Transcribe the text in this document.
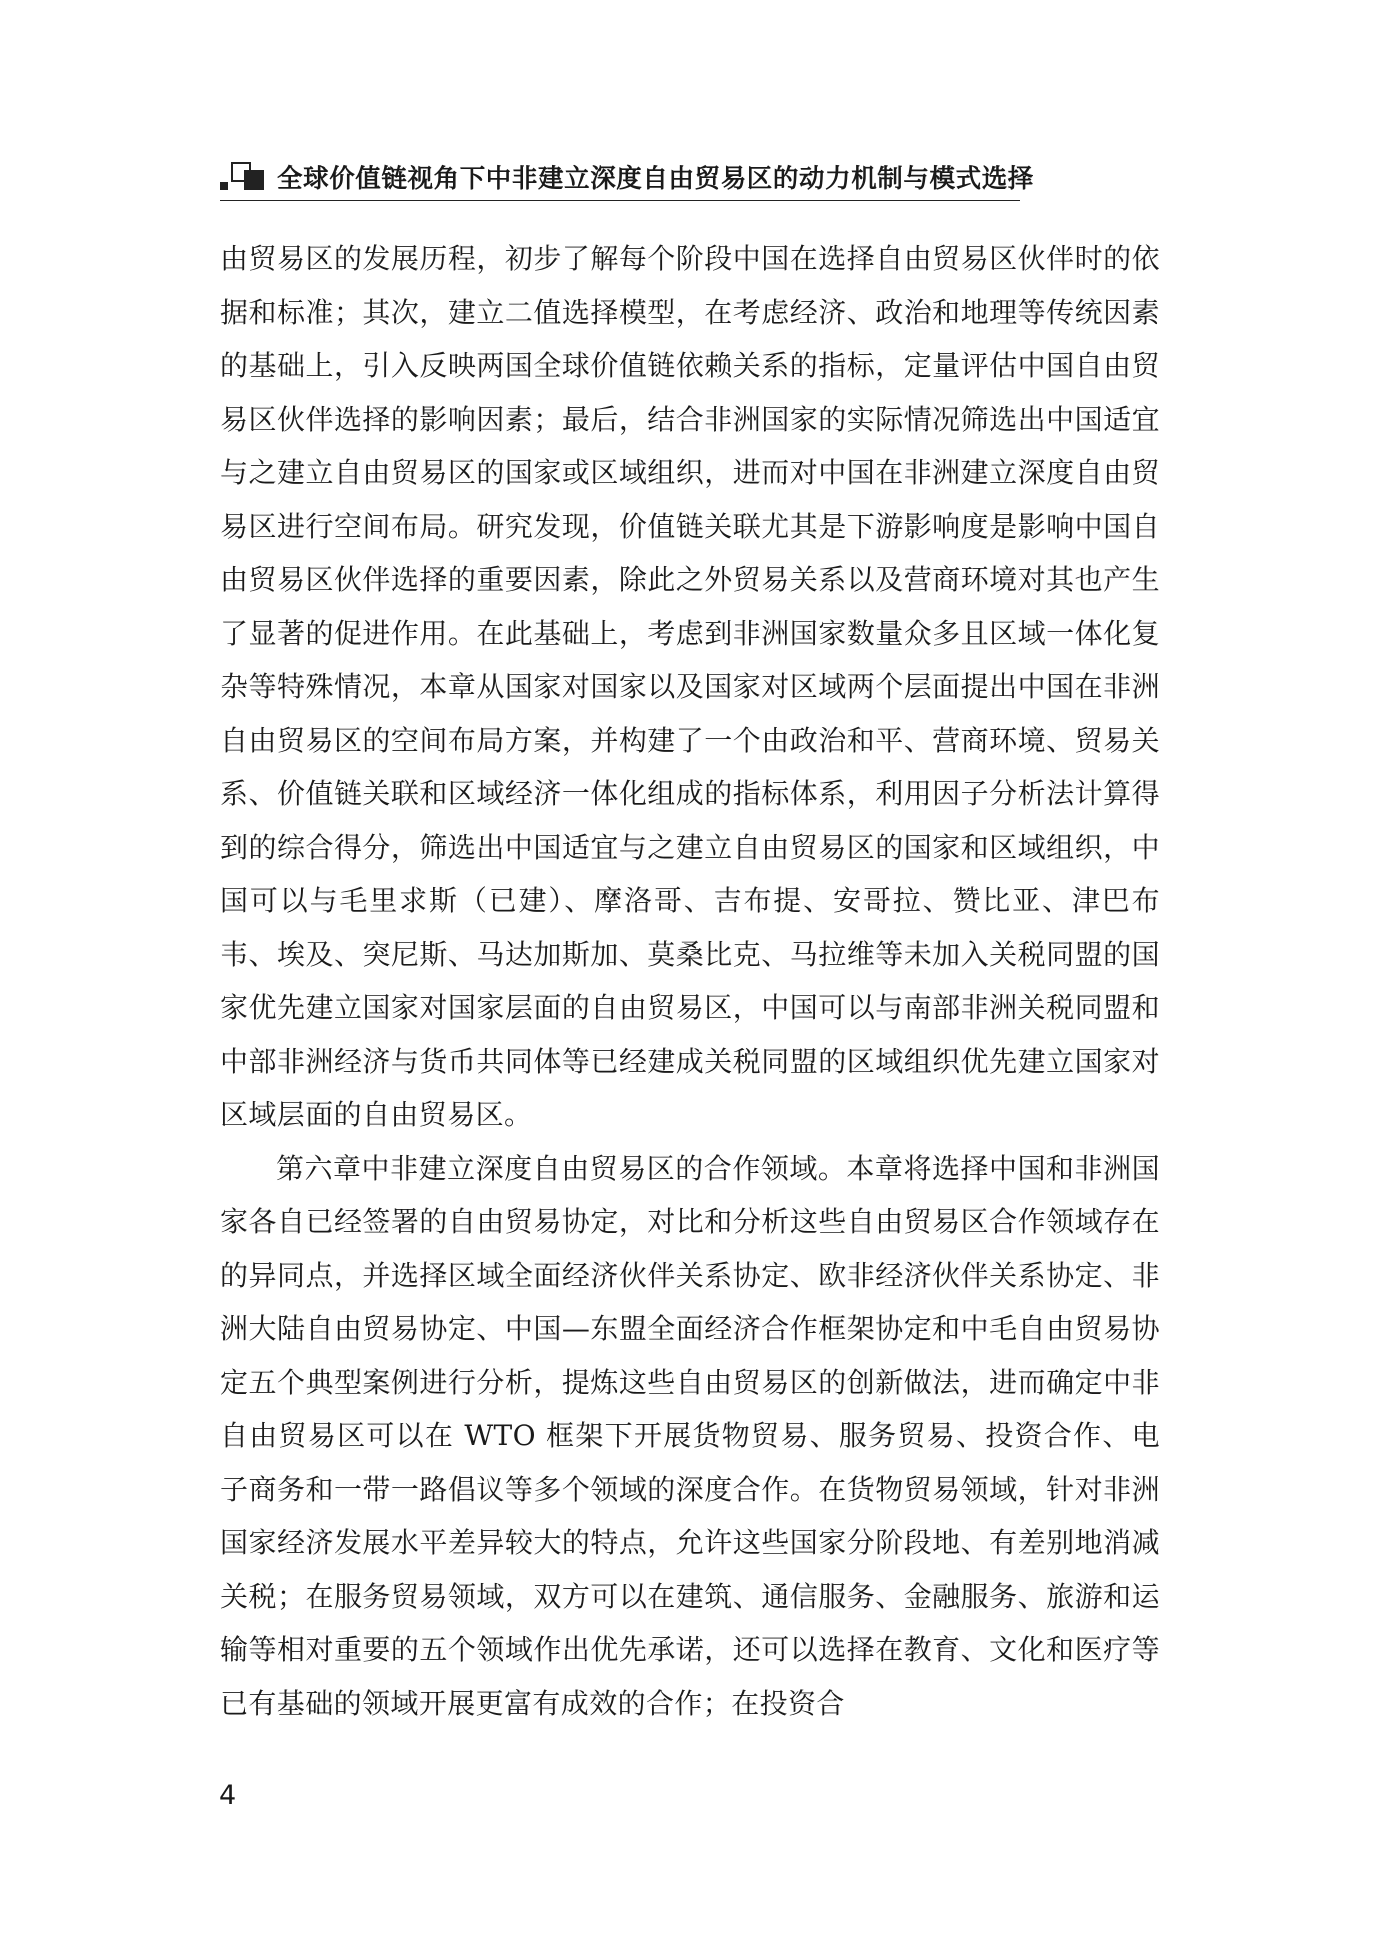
全球价值链视角下中非建立深度自由贸易区的动力机制与模式选择

由贸易区的发展历程，初步了解每个阶段中国在选择自由贸易区伙伴时的依据和标准；其次，建立二值选择模型，在考虑经济、政治和地理等传统因素的基础上，引入反映两国全球价值链依赖关系的指标，定量评估中国自由贸易区伙伴选择的影响因素；最后，结合非洲国家的实际情况筛选出中国适宜与之建立自由贸易区的国家或区域组织，进而对中国在非洲建立深度自由贸易区进行空间布局。研究发现，价值链关联尤其是下游影响度是影响中国自由贸易区伙伴选择的重要因素，除此之外贸易关系以及营商环境对其也产生了显著的促进作用。在此基础上，考虑到非洲国家数量众多且区域一体化复杂等特殊情况，本章从国家对国家以及国家对区域两个层面提出中国在非洲自由贸易区的空间布局方案，并构建了一个由政治和平、营商环境、贸易关系、价值链关联和区域经济一体化组成的指标体系，利用因子分析法计算得到的综合得分，筛选出中国适宜与之建立自由贸易区的国家和区域组织，中国可以与毛里求斯（已建）、摩洛哥、吉布提、安哥拉、赞比亚、津巴布韦、埃及、突尼斯、马达加斯加、莫桑比克、马拉维等未加入关税同盟的国家优先建立国家对国家层面的自由贸易区，中国可以与南部非洲关税同盟和中部非洲经济与货币共同体等已经建成关税同盟的区域组织优先建立国家对区域层面的自由贸易区。

第六章中非建立深度自由贸易区的合作领域。本章将选择中国和非洲国家各自已经签署的自由贸易协定，对比和分析这些自由贸易区合作领域存在的异同点，并选择区域全面经济伙伴关系协定、欧非经济伙伴关系协定、非洲大陆自由贸易协定、中国—东盟全面经济合作框架协定和中毛自由贸易协定五个典型案例进行分析，提炼这些自由贸易区的创新做法，进而确定中非自由贸易区可以在 WTO 框架下开展货物贸易、服务贸易、投资合作、电子商务和一带一路倡议等多个领域的深度合作。在货物贸易领域，针对非洲国家经济发展水平差异较大的特点，允许这些国家分阶段地、有差别地消减关税；在服务贸易领域，双方可以在建筑、通信服务、金融服务、旅游和运输等相对重要的五个领域作出优先承诺，还可以选择在教育、文化和医疗等已有基础的领域开展更富有成效的合作；在投资合

4
